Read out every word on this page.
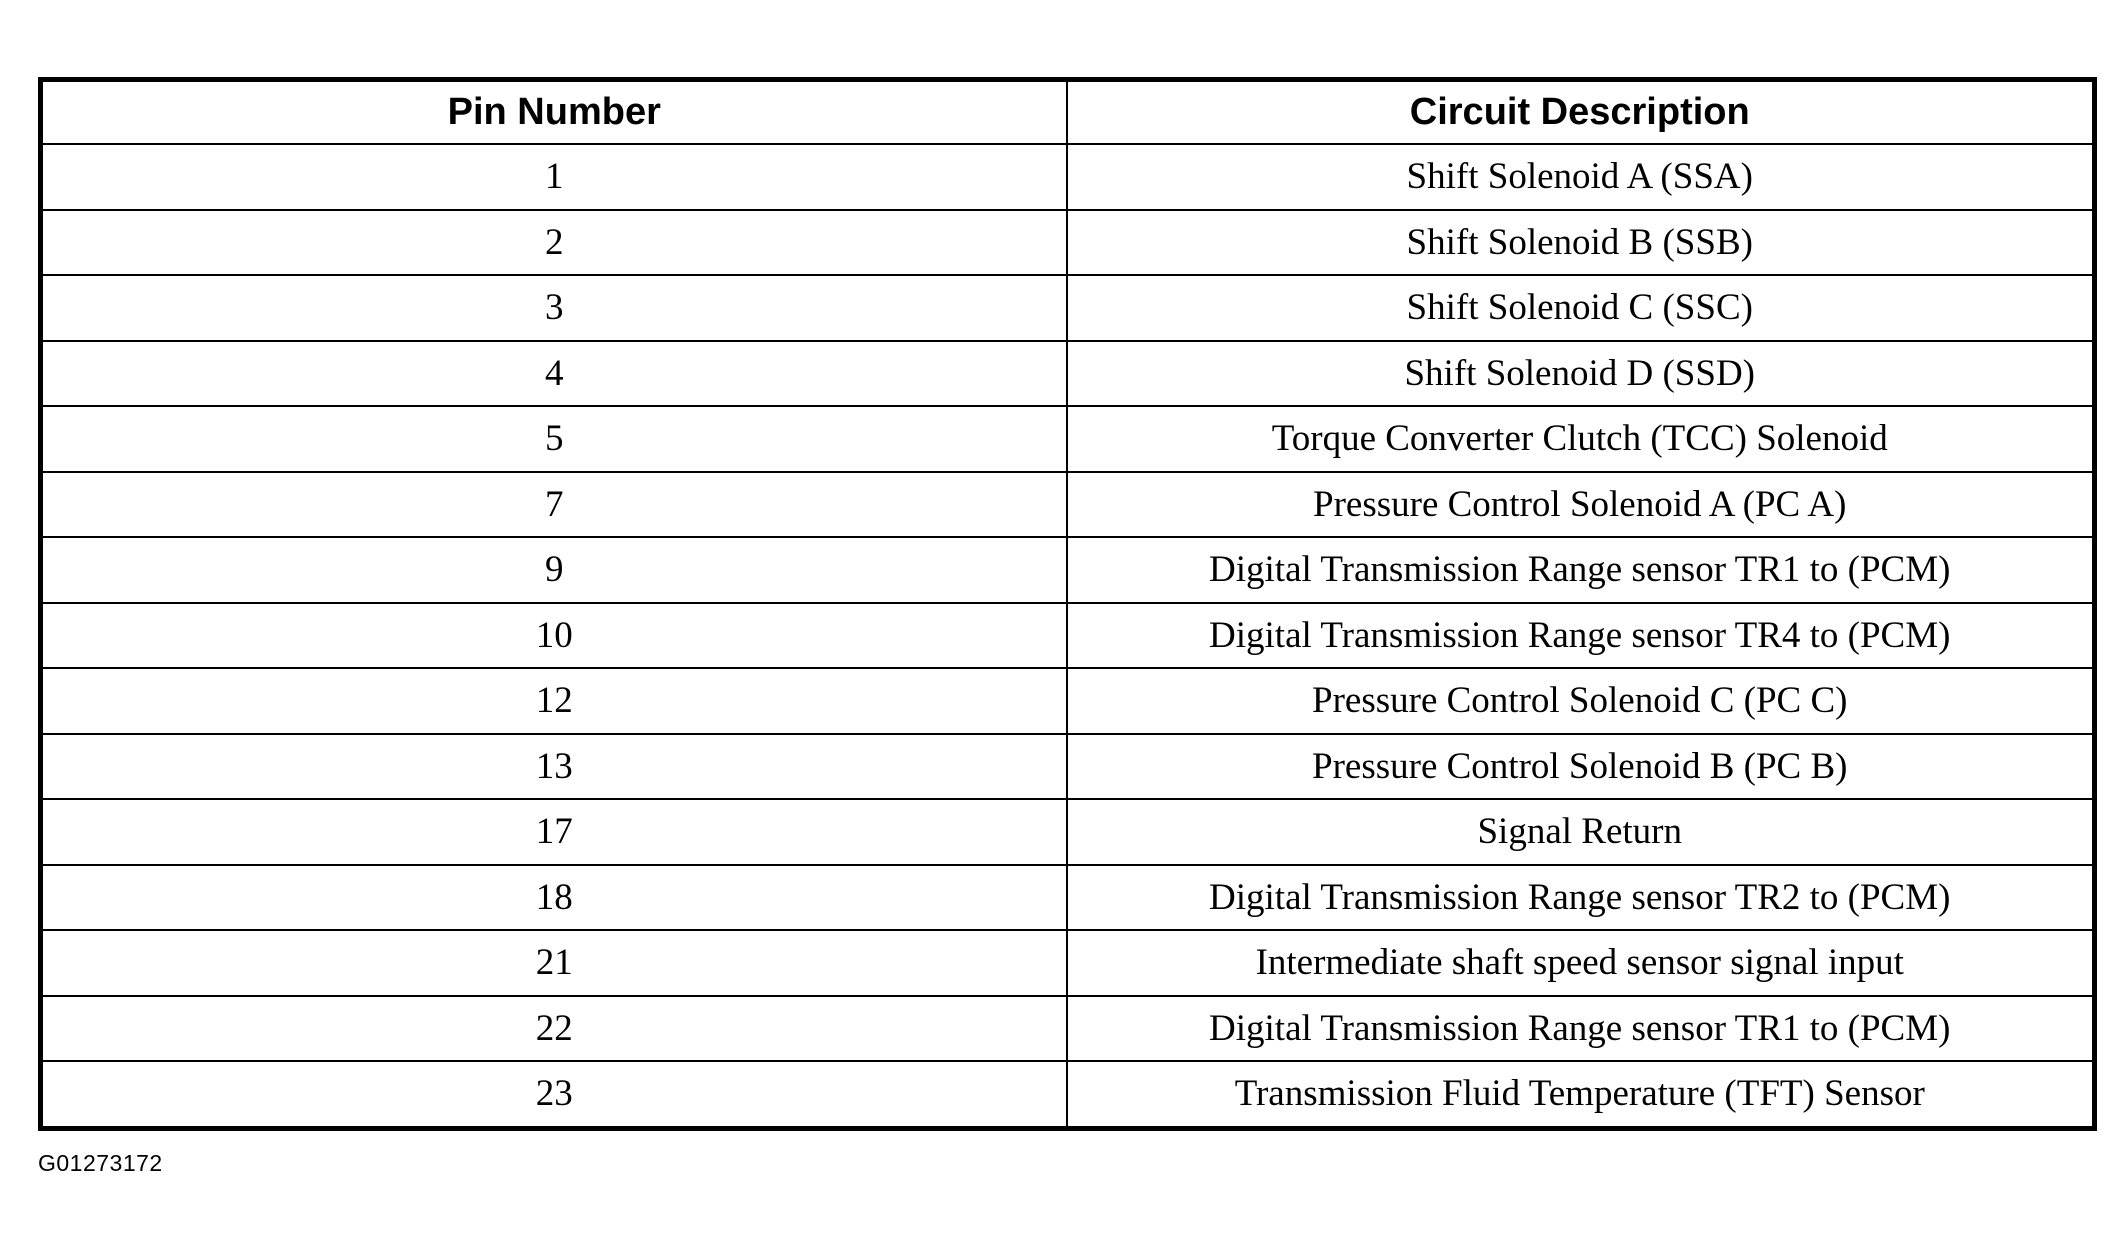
Pin Number	Circuit Description
1	Shift Solenoid A (SSA)
2	Shift Solenoid B (SSB)
3	Shift Solenoid C (SSC)
4	Shift Solenoid D (SSD)
5	Torque Converter Clutch (TCC) Solenoid
7	Pressure Control Solenoid A (PC A)
9	Digital Transmission Range sensor TR1 to (PCM)
10	Digital Transmission Range sensor TR4 to (PCM)
12	Pressure Control Solenoid C (PC C)
13	Pressure Control Solenoid B (PC B)
17	Signal Return
18	Digital Transmission Range sensor TR2 to (PCM)
21	Intermediate shaft speed sensor signal input
22	Digital Transmission Range sensor TR1 to (PCM)
23	Transmission Fluid Temperature (TFT) Sensor
G01273172
